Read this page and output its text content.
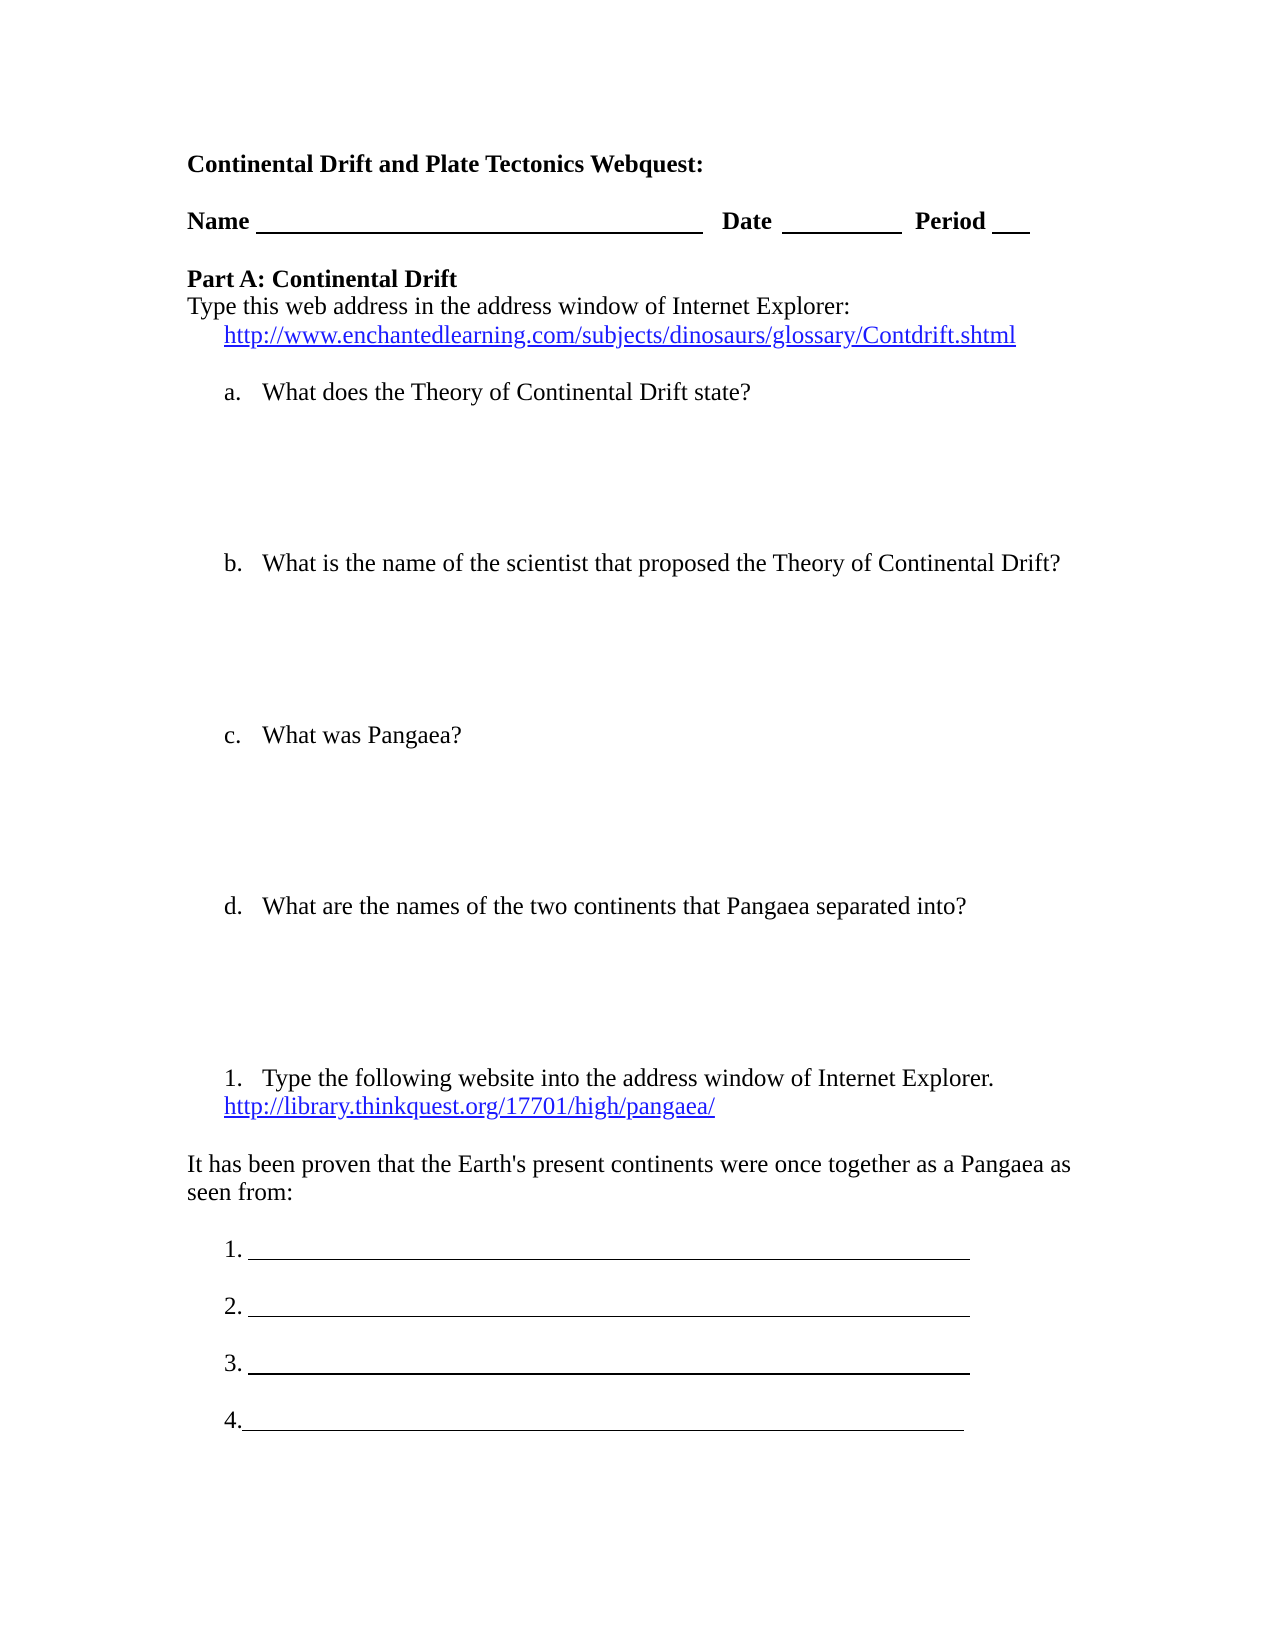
Continental Drift and Plate Tectonics Webquest:
Name	Date	Period
Part A: Continental Drift
Type this web address in the address window of Internet Explorer:
http://www.enchantedlearning.com/subjects/dinosaurs/glossary/Contdrift.shtml
a. What does the Theory of Continental Drift state?
b. What is the name of the scientist that proposed the Theory of Continental Drift?
c. What was Pangaea?
d. What are the names of the two continents that Pangaea separated into?
1. Type the following website into the address window of Internet Explorer.
http://library.thinkquest.org/17701/high/pangaea/
It has been proven that the Earth's present continents were once together as a Pangaea as
seen from:
1.
2.
3.
4.
